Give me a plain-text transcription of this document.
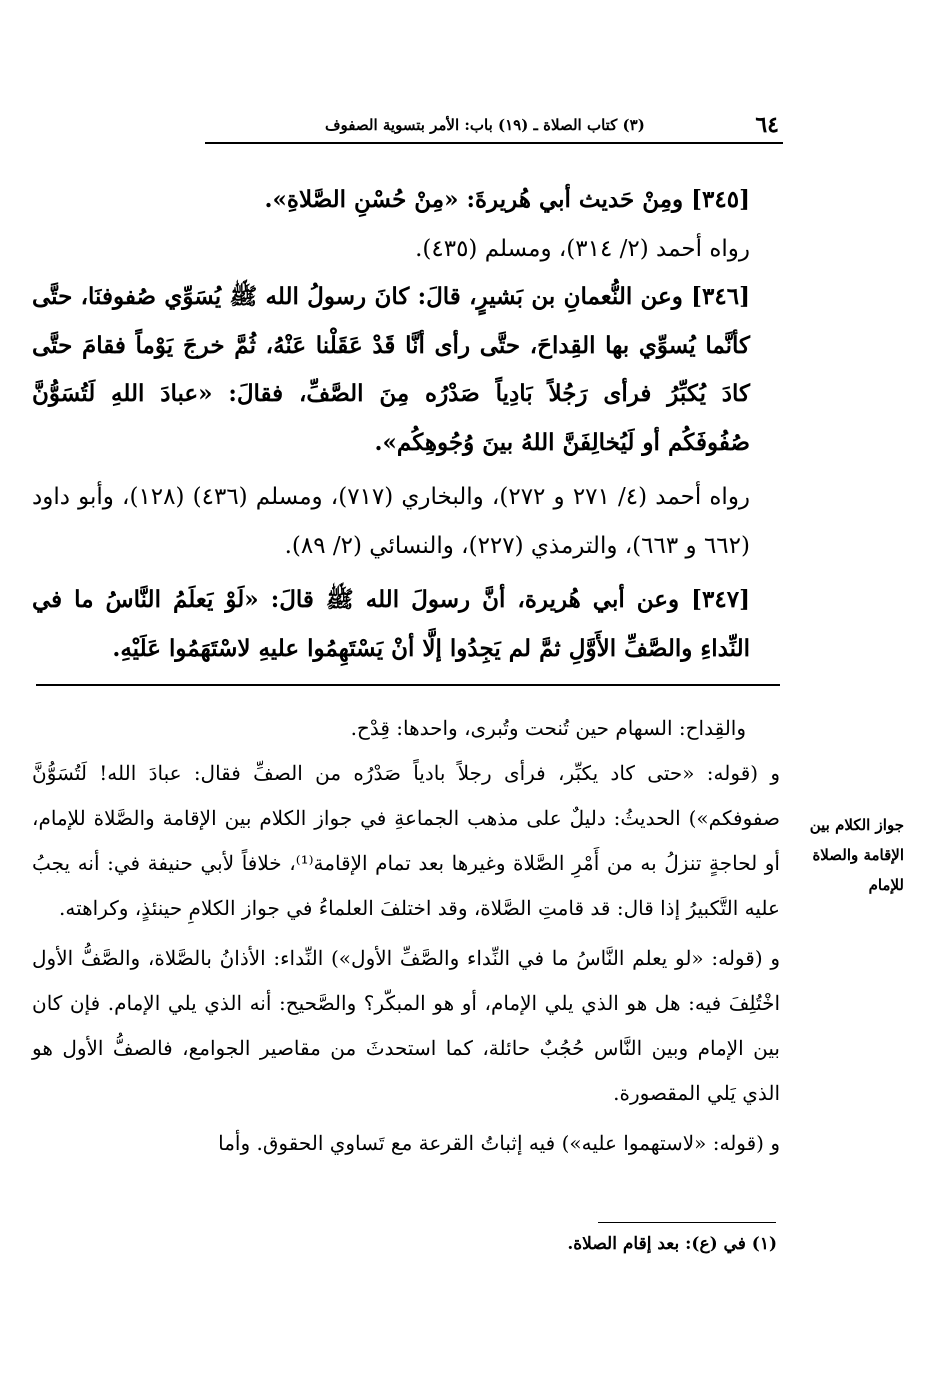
٦٤
(٣) كتاب الصلاة ـ (١٩) باب: الأمر بتسوية الصفوف

[٣٤٥] ومِنْ حَديث أبي هُريرةَ: «مِنْ حُسْنِ الصَّلاةِ».

رواه أحمد (٢/ ٣١٤)، ومسلم (٤٣٥).

[٣٤٦] وعن النُّعمانِ بن بَشيرٍ، قالَ: كانَ رسولُ الله ﷺ يُسَوِّي صُفوفنَا، حتَّى كأنَّما يُسوِّي بها القِداحَ، حتَّى رأى أنَّا قَدْ عَقَلْنا عَنْهُ، ثُمَّ خرجَ يَوْماً فقامَ حتَّى كادَ يُكبِّرُ فرأى رَجُلاً بَادِياً صَدْرُه مِنَ الصَّفِّ، فقالَ: «عبادَ اللهِ لَتُسَوُّنَّ صُفُوفَكُم أو لَيُخالِفَنَّ اللهُ بينَ وُجُوهِكُم».

رواه أحمد (٤/ ٢٧١ و ٢٧٢)، والبخاري (٧١٧)، ومسلم (٤٣٦) (١٢٨)، وأبو داود (٦٦٢ و ٦٦٣)، والترمذي (٢٢٧)، والنسائي (٢/ ٨٩).

[٣٤٧] وعن أبي هُريرة، أنَّ رسولَ الله ﷺ قالَ: «لَوْ يَعلَمُ النَّاسُ ما في النِّداءِ والصَّفِّ الأَوَّلِ ثمَّ لم يَجِدُوا إلَّا أنْ يَسْتَهِمُوا عليهِ لاسْتَهَمُوا عَلَيْهِ.

والقِداح: السهام حين تُنحت وتُبرى، واحدها: قِدْح.

و (قوله: «حتى كاد يكبِّر، فرأى رجلاً بادياً صَدْرُه من الصفِّ فقال: عبادَ الله! لَتُسَوُّنَّ صفوفكم») الحديثُ: دليلٌ على مذهب الجماعةِ في جواز الكلام بين الإقامة والصَّلاة للإمام، أو لحاجةٍ تنزلُ به من أَمْرِ الصَّلاة وغيرها بعد تمام الإقامة⁽¹⁾، خلافاً لأبي حنيفة في: أنه يجبُ عليه التَّكبيرُ إذا قال: قد قامتِ الصَّلاة، وقد اختلفَ العلماءُ في جواز الكلامِ حينئذٍ، وكراهته.

و (قوله: «لو يعلم النَّاسُ ما في النِّداء والصَّفِّ الأول») النِّداء: الأذانُ بالصَّلاة، والصَّفُّ الأول اخْتُلِفَ فيه: هل هو الذي يلي الإمام، أو هو المبكّر؟ والصَّحيح: أنه الذي يلي الإمام. فإن كان بين الإمام وبين النَّاس حُجُبٌ حائلة، كما استحدثَ من مقاصير الجوامع، فالصفُّ الأول هو الذي يَلي المقصورة.

و (قوله: «لاستهموا عليه») فيه إثباتُ القرعة مع تَساوي الحقوق. وأما

جواز الكلام بين الإقامة والصلاة للإمام
(١) في (ع): بعد إقام الصلاة.
